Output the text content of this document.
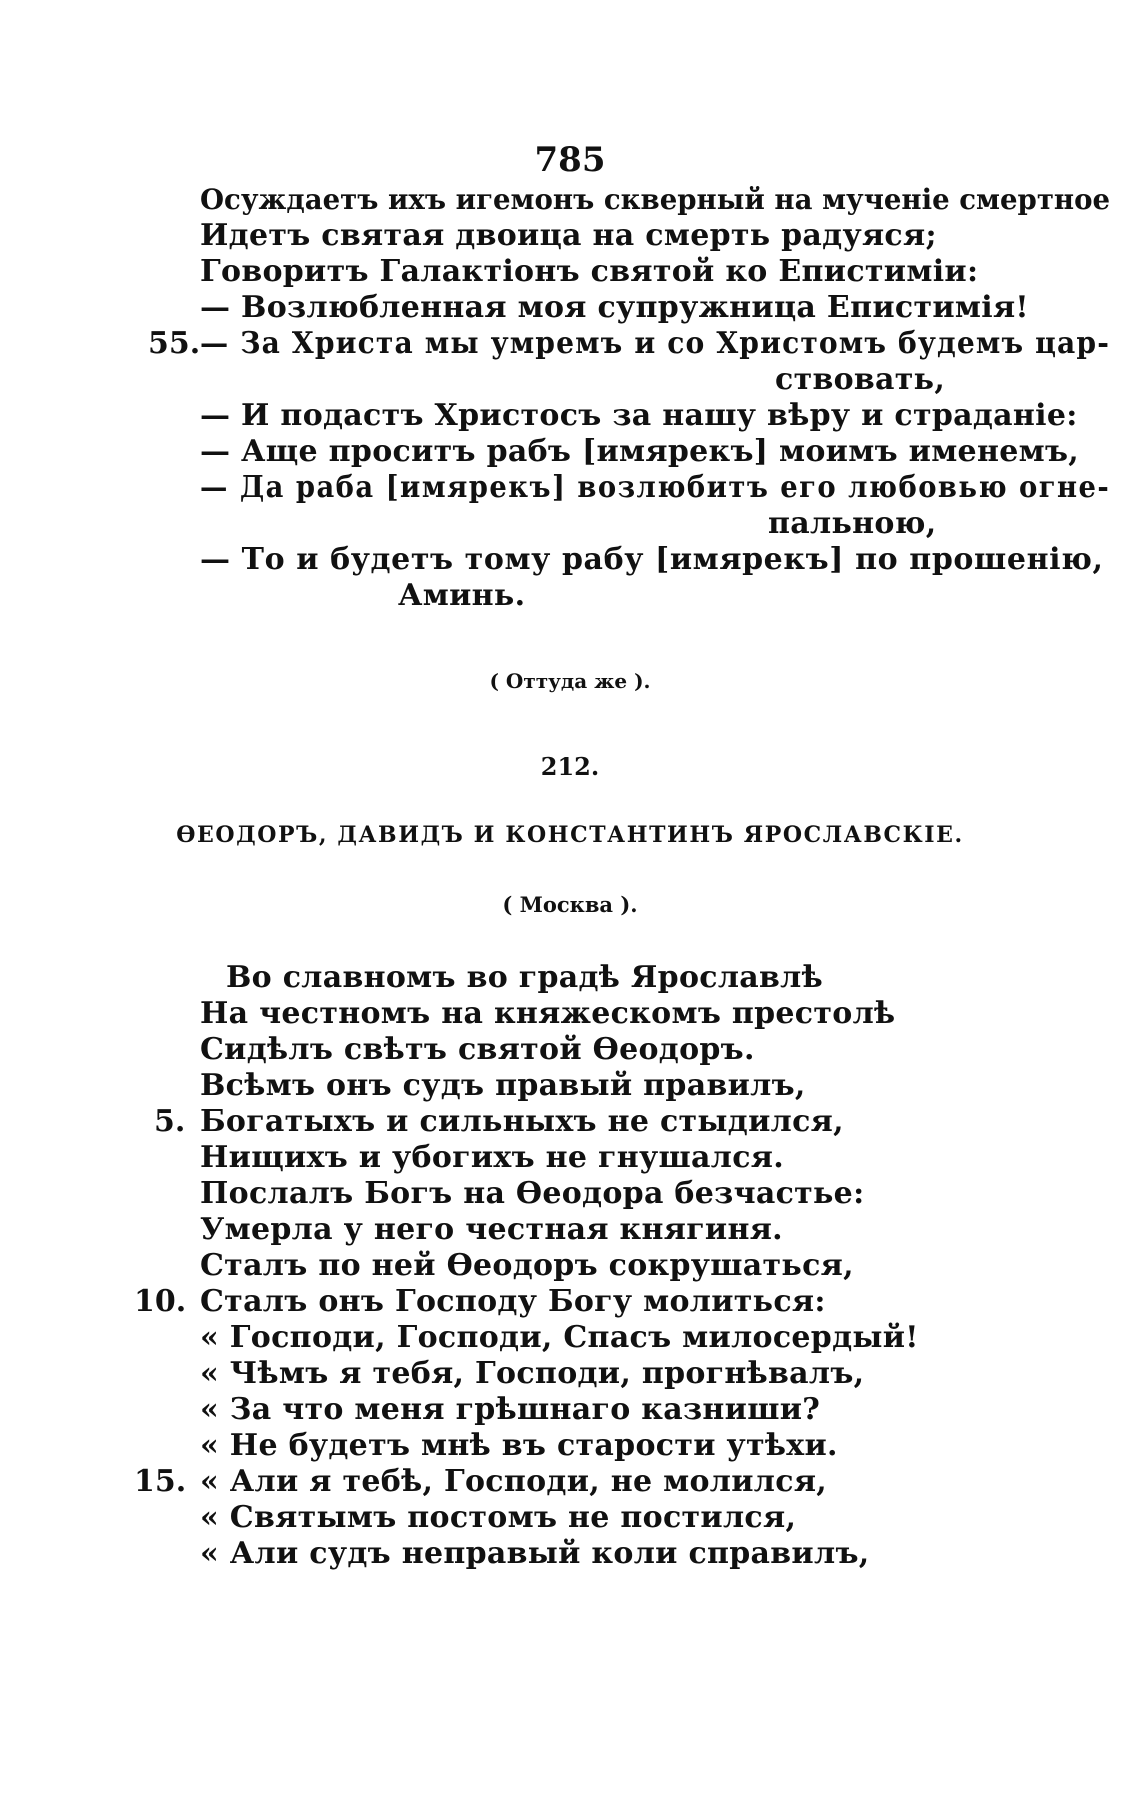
785
Осуждаетъ ихъ игемонъ скверный на мученіе смертное
Идетъ святая двоица на смерть радуяся;
Говоритъ Галактіонъ святой ко Епистиміи:
— Возлюбленная моя супружница Епистимія!
55. — За Христа мы умремъ и со Христомъ будемъ цар-
ствовать,
— И подастъ Христосъ за нашу вѣру и страданіе:
— Аще проситъ рабъ [имярекъ] моимъ именемъ,
— Да раба [имярекъ] возлюбитъ его любовью огне-
пальною,
— То и будетъ тому рабу [имярекъ] по прошенію,
Аминь.
( Оттуда же ).
212.
ѲЕОДОРЪ, ДАВИДЪ И КОНСТАНТИНЪ ЯРОСЛАВСКІЕ.
( Москва ).
Во славномъ во градѣ Ярославлѣ
На честномъ на княжескомъ престолѣ
Сидѣлъ свѣтъ святой Ѳеодоръ.
Всѣмъ онъ судъ правый правилъ,
5. Богатыхъ и сильныхъ не стыдился,
Нищихъ и убогихъ не гнушался.
Послалъ Богъ на Ѳеодора безчастье:
Умерла у него честная княгиня.
Сталъ по ней Ѳеодоръ сокрушаться,
10. Сталъ онъ Господу Богу молиться:
« Господи, Господи, Спасъ милосердый!
« Чѣмъ я тебя, Господи, прогнѣвалъ,
« За что меня грѣшнаго казниши?
« Не будетъ мнѣ въ старости утѣхи.
15. « Али я тебѣ, Господи, не молился,
« Святымъ постомъ не постился,
« Али судъ неправый коли справилъ,
